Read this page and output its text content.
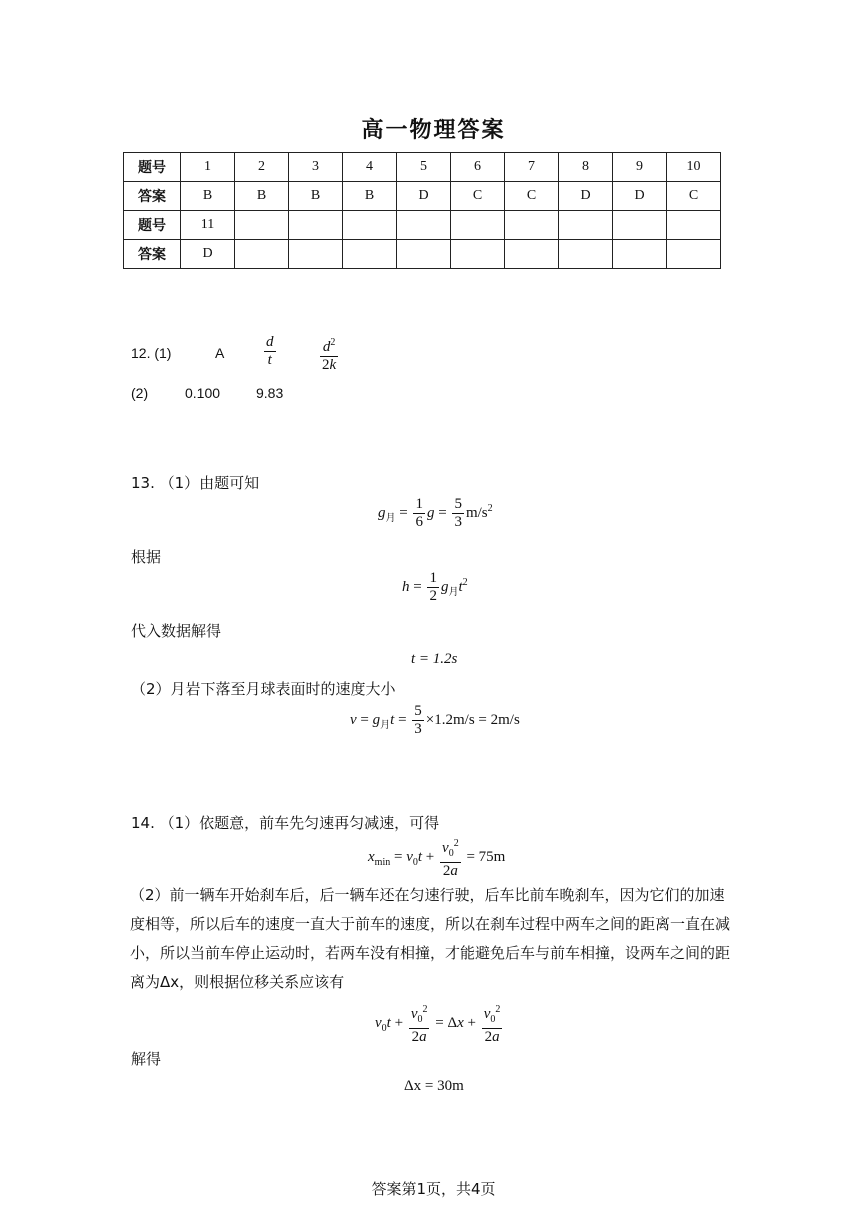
高一物理答案
题号	1	2	3	4	5	6	7	8	9	10
答案	B	B	B	B	D	C	C	D	D	C
题号	11									
答案	D									
12. (1)	A	$\frac{d}{t}$	$\frac{d^2}{2k}$
(2)	0.100	9.83
13. （1）由题可知
$g_月 = \frac{1}{6}$ $g = \frac{5}{3} m/s^2$
根据
$h = \frac{1}{2} g_月t^2$
代入数据解得
t = 1.2s
（2）月岩下落至月球表面时的速度大小
$v = g_月t = \frac{5}{3} \times 1.2m/s = 2m/s$
14. （1）依题意，前车先匀速再匀减速，可得
$x_{min} = v_0t + \frac{v_0^2}{2a} = 75m$
（2）前一辆车开始刹车后，后一辆车还在匀速行驶，后车比前车晚刹车，因为它们的加速
度相等，所以后车的速度一直大于前车的速度，所以在刹车过程中两车之间的距离一直在减
小，所以当前车停止运动时，若两车没有相撞，才能避免后车与前车相撞，设两车之间的距
离为Δx，则根据位移关系应该有
$v_0t + \frac{v_0^2}{2a} = \Delta x + \frac{v_0^2}{2a}$
解得
Δx = 30m
答案第1页，共4页
